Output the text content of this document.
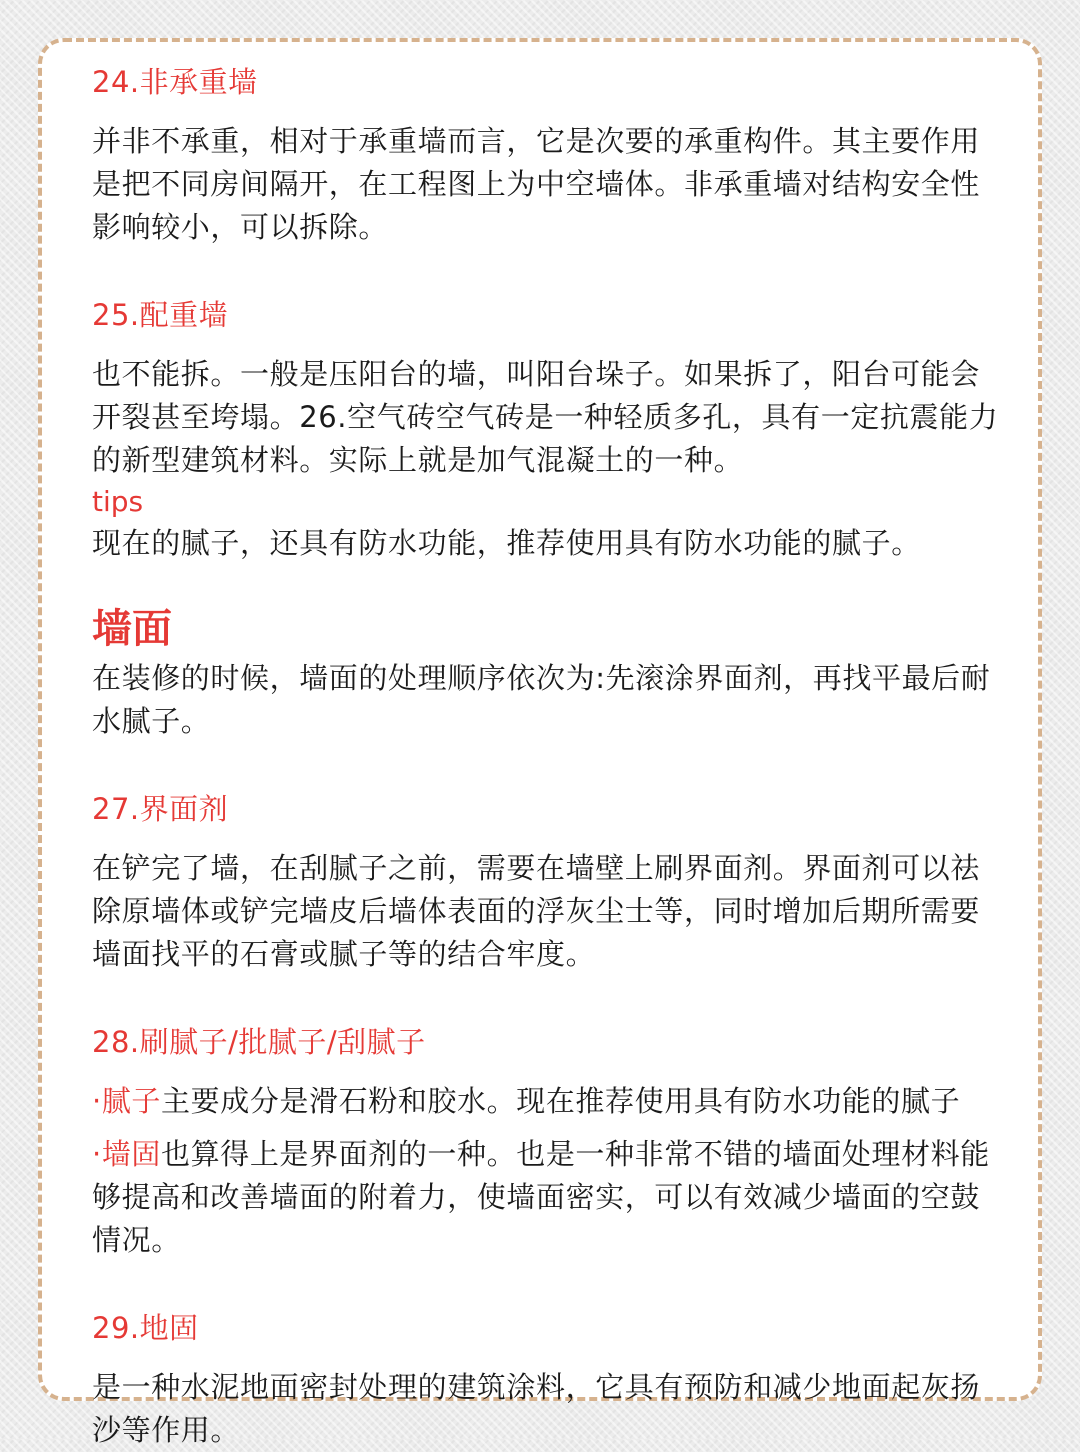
24.非承重墙

并非不承重，相对于承重墙而言，它是次要的承重构件。其主要作用是把不同房间隔开，在工程图上为中空墙体。非承重墙对结构安全性影响较小，可以拆除。

25.配重墙

也不能拆。一般是压阳台的墙，叫阳台垛子。如果拆了，阳台可能会开裂甚至垮塌。26.空气砖空气砖是一种轻质多孔，具有一定抗震能力的新型建筑材料。实际上就是加气混凝土的一种。

tips

现在的腻子，还具有防水功能，推荐使用具有防水功能的腻子。

墙面

在装修的时候，墙面的处理顺序依次为:先滚涂界面剂，再找平最后耐水腻子。

27.界面剂

在铲完了墙，在刮腻子之前，需要在墙壁上刷界面剂。界面剂可以祛除原墙体或铲完墙皮后墙体表面的浮灰尘士等，同时增加后期所需要墙面找平的石膏或腻子等的结合牢度。

28.刷腻子/批腻子/刮腻子

·腻子主要成分是滑石粉和胶水。现在推荐使用具有防水功能的腻子

·墙固也算得上是界面剂的一种。也是一种非常不错的墙面处理材料能够提高和改善墙面的附着力，使墙面密实，可以有效减少墙面的空鼓情况。

29.地固

是一种水泥地面密封处理的建筑涂料，它具有预防和减少地面起灰扬沙等作用。
